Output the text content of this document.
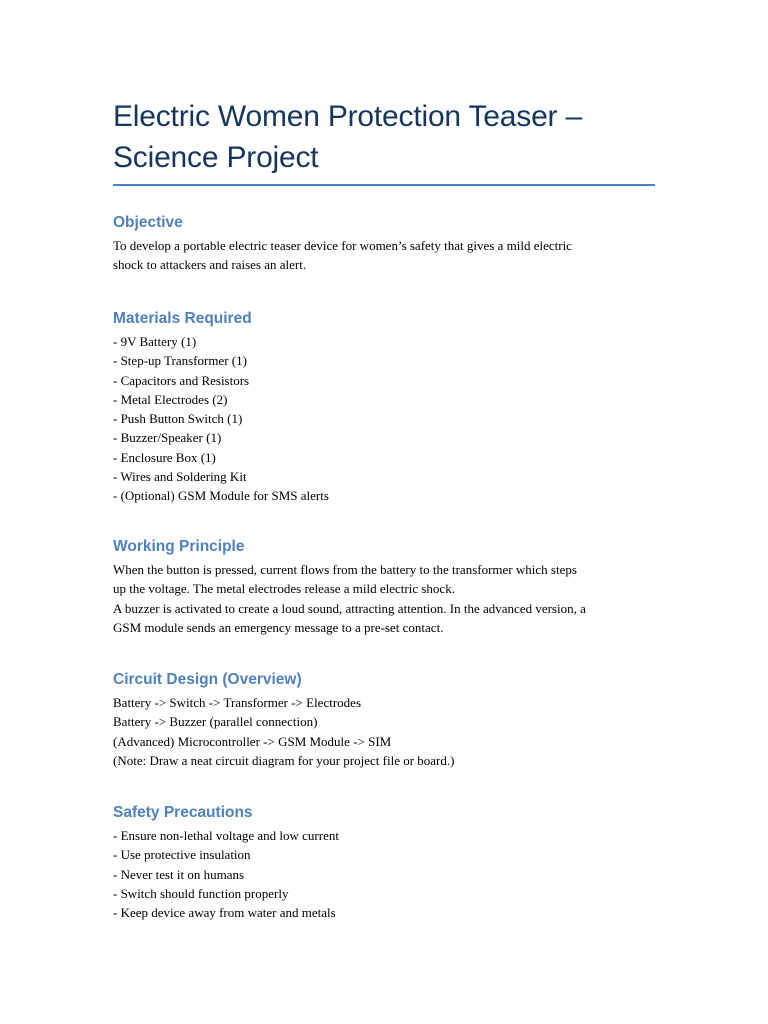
Electric Women Protection Teaser –
Science Project
Objective
To develop a portable electric teaser device for women’s safety that gives a mild electric
shock to attackers and raises an alert.
Materials Required
- 9V Battery (1)
- Step-up Transformer (1)
- Capacitors and Resistors
- Metal Electrodes (2)
- Push Button Switch (1)
- Buzzer/Speaker (1)
- Enclosure Box (1)
- Wires and Soldering Kit
- (Optional) GSM Module for SMS alerts
Working Principle
When the button is pressed, current flows from the battery to the transformer which steps
up the voltage. The metal electrodes release a mild electric shock.
A buzzer is activated to create a loud sound, attracting attention. In the advanced version, a
GSM module sends an emergency message to a pre-set contact.
Circuit Design (Overview)
Battery -> Switch -> Transformer -> Electrodes
Battery -> Buzzer (parallel connection)
(Advanced) Microcontroller -> GSM Module -> SIM
(Note: Draw a neat circuit diagram for your project file or board.)
Safety Precautions
- Ensure non-lethal voltage and low current
- Use protective insulation
- Never test it on humans
- Switch should function properly
- Keep device away from water and metals
